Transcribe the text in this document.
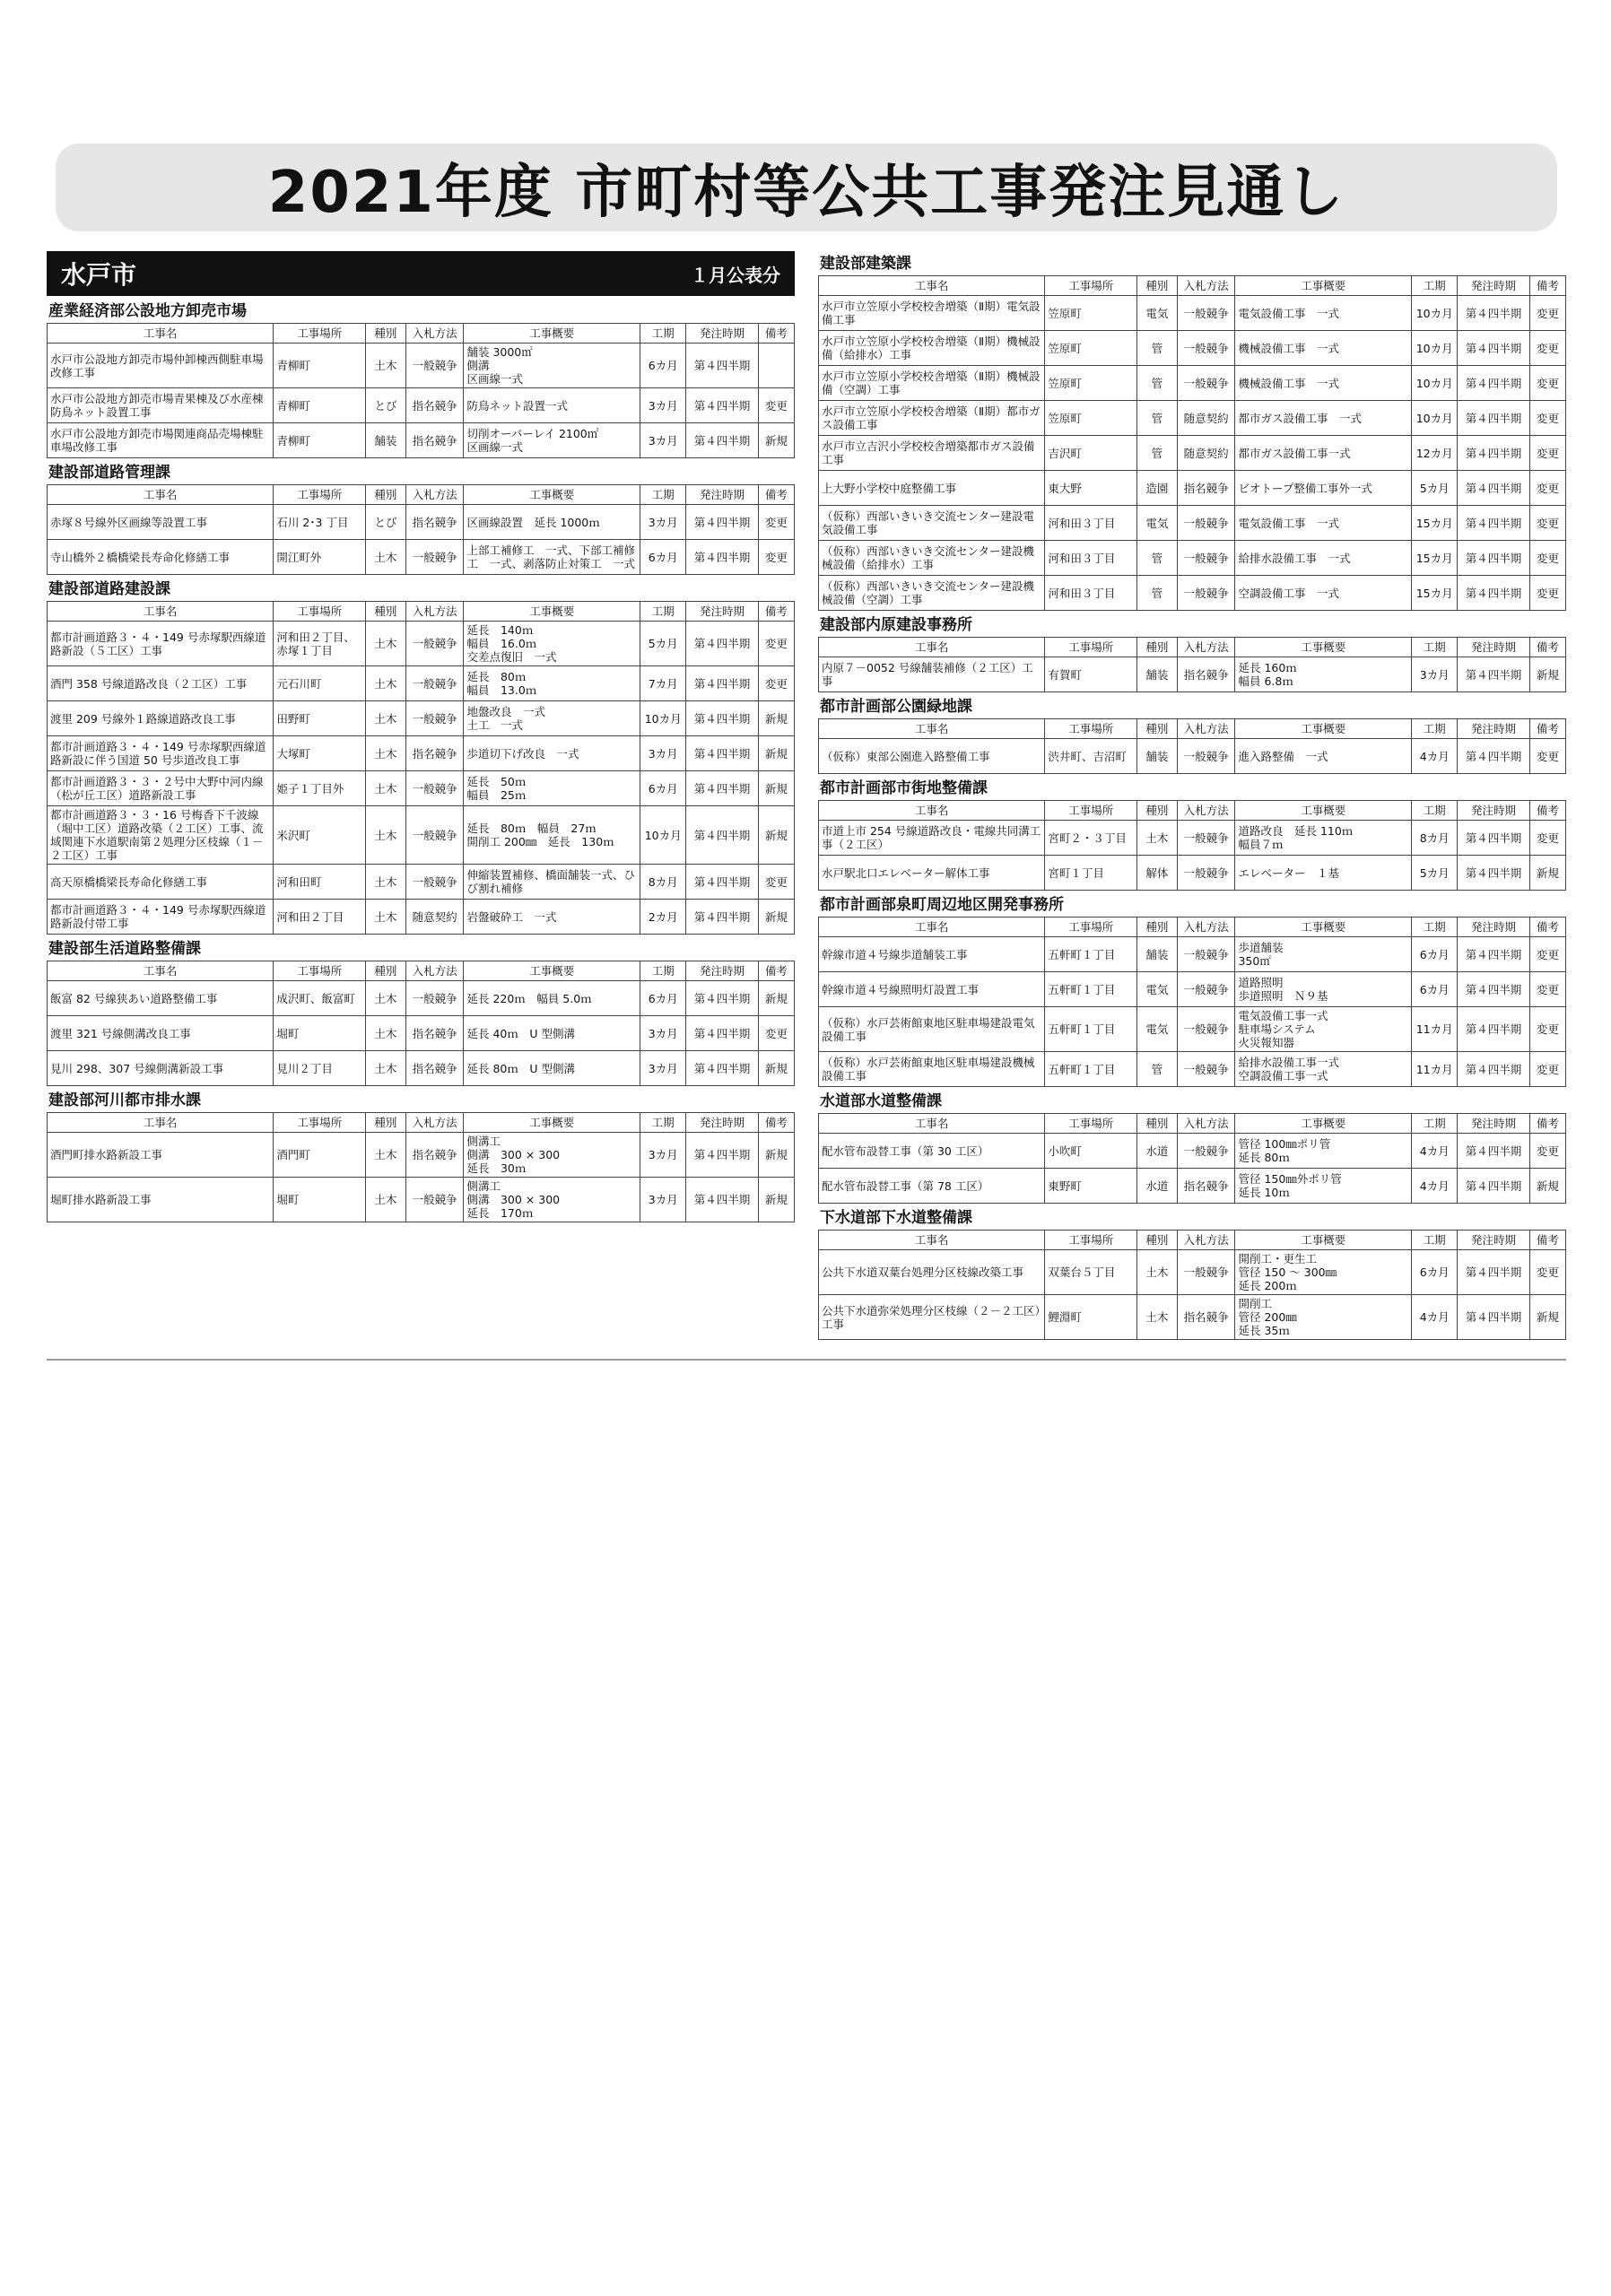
2021年度 市町村等公共工事発注見通し
水戸市	１月公表分
産業経済部公設地方卸売市場
工事名	工事場所	種別	入札方法	工事概要	工期	発注時期	備考
水戸市公設地方卸売市場仲卸棟西側駐車場改修工事	青柳町	土木	一般競争	舗装 3000㎡
側溝
区画線一式	6カ月	第４四半期	
水戸市公設地方卸売市場青果棟及び水産棟防鳥ネット設置工事	青柳町	とび	指名競争	防鳥ネット設置一式	3カ月	第４四半期	変更
水戸市公設地方卸売市場関連商品売場棟駐車場改修工事	青柳町	舗装	指名競争	切削オーバーレイ 2100㎡
区画線一式	3カ月	第４四半期	新規
建設部道路管理課
工事名	工事場所	種別	入札方法	工事概要	工期	発注時期	備考
赤塚８号線外区画線等設置工事	石川 2･3 丁目	とび	指名競争	区画線設置　延長 1000ｍ	3カ月	第４四半期	変更
寺山橋外２橋橋梁長寿命化修繕工事	開江町外	土木	一般競争	上部工補修工　一式、下部工補修工　一式、剥落防止対策工　一式	6カ月	第４四半期	変更
建設部道路建設課
工事名	工事場所	種別	入札方法	工事概要	工期	発注時期	備考
都市計画道路３・４・149 号赤塚駅西線道路新設（５工区）工事	河和田２丁目、赤塚１丁目	土木	一般競争	延長　140ｍ
幅員　16.0ｍ
交差点復旧　一式	5カ月	第４四半期	変更
酒門 358 号線道路改良（２工区）工事	元石川町	土木	一般競争	延長　80ｍ
幅員　13.0ｍ	7カ月	第４四半期	変更
渡里 209 号線外１路線道路改良工事	田野町	土木	一般競争	地盤改良　一式
土工　一式	10カ月	第４四半期	新規
都市計画道路３・４・149 号赤塚駅西線道路新設に伴う国道 50 号歩道改良工事	大塚町	土木	指名競争	歩道切下げ改良　一式	3カ月	第４四半期	新規
都市計画道路３・３・２号中大野中河内線（松が丘工区）道路新設工事	姫子１丁目外	土木	一般競争	延長　50ｍ
幅員　25ｍ	6カ月	第４四半期	新規
都市計画道路３・３・16 号梅香下千波線（堀中工区）道路改築（２工区）工事、流域関連下水道駅南第２処理分区枝線（１－２工区）工事	米沢町	土木	一般競争	延長　80ｍ　幅員　27ｍ
開削工 200㎜　延長　130ｍ	10カ月	第４四半期	新規
高天原橋橋梁長寿命化修繕工事	河和田町	土木	一般競争	伸縮装置補修、橋面舗装一式、ひび割れ補修	8カ月	第４四半期	変更
都市計画道路３・４・149 号赤塚駅西線道路新設付帯工事	河和田２丁目	土木	随意契約	岩盤破砕工　一式	2カ月	第４四半期	新規
建設部生活道路整備課
工事名	工事場所	種別	入札方法	工事概要	工期	発注時期	備考
飯富 82 号線狭あい道路整備工事	成沢町、飯富町	土木	一般競争	延長 220ｍ　幅員 5.0ｍ	6カ月	第４四半期	新規
渡里 321 号線側溝改良工事	堀町	土木	指名競争	延長 40ｍ　U 型側溝	3カ月	第４四半期	変更
見川 298、307 号線側溝新設工事	見川２丁目	土木	指名競争	延長 80ｍ　U 型側溝	3カ月	第４四半期	新規
建設部河川都市排水課
工事名	工事場所	種別	入札方法	工事概要	工期	発注時期	備考
酒門町排水路新設工事	酒門町	土木	指名競争	側溝工
側溝　300 × 300
延長　30ｍ	3カ月	第４四半期	新規
堀町排水路新設工事	堀町	土木	一般競争	側溝工
側溝　300 × 300
延長　170ｍ	3カ月	第４四半期	新規
建設部建築課
工事名	工事場所	種別	入札方法	工事概要	工期	発注時期	備考
水戸市立笠原小学校校舎増築（Ⅱ期）電気設備工事	笠原町	電気	一般競争	電気設備工事　一式	10カ月	第４四半期	変更
水戸市立笠原小学校校舎増築（Ⅱ期）機械設備（給排水）工事	笠原町	管	一般競争	機械設備工事　一式	10カ月	第４四半期	変更
水戸市立笠原小学校校舎増築（Ⅱ期）機械設備（空調）工事	笠原町	管	一般競争	機械設備工事　一式	10カ月	第４四半期	変更
水戸市立笠原小学校校舎増築（Ⅱ期）都市ガス設備工事	笠原町	管	随意契約	都市ガス設備工事　一式	10カ月	第４四半期	変更
水戸市立吉沢小学校校舎増築都市ガス設備工事	吉沢町	管	随意契約	都市ガス設備工事一式	12カ月	第４四半期	変更
上大野小学校中庭整備工事	東大野	造園	指名競争	ビオトープ整備工事外一式	5カ月	第４四半期	変更
（仮称）西部いきいき交流センター建設電気設備工事	河和田３丁目	電気	一般競争	電気設備工事　一式	15カ月	第４四半期	変更
（仮称）西部いきいき交流センター建設機械設備（給排水）工事	河和田３丁目	管	一般競争	給排水設備工事　一式	15カ月	第４四半期	変更
（仮称）西部いきいき交流センター建設機械設備（空調）工事	河和田３丁目	管	一般競争	空調設備工事　一式	15カ月	第４四半期	変更
建設部内原建設事務所
工事名	工事場所	種別	入札方法	工事概要	工期	発注時期	備考
内原７－0052 号線舗装補修（２工区）工事	有賀町	舗装	指名競争	延長 160ｍ
幅員 6.8ｍ	3カ月	第４四半期	新規
都市計画部公園緑地課
工事名	工事場所	種別	入札方法	工事概要	工期	発注時期	備考
（仮称）東部公園進入路整備工事	渋井町、吉沼町	舗装	一般競争	進入路整備　一式	4カ月	第４四半期	変更
都市計画部市街地整備課
工事名	工事場所	種別	入札方法	工事概要	工期	発注時期	備考
市道上市 254 号線道路改良・電線共同溝工事（２工区）	宮町２・３丁目	土木	一般競争	道路改良　延長 110ｍ
幅員７ｍ	8カ月	第４四半期	変更
水戸駅北口エレベーター解体工事	宮町１丁目	解体	一般競争	エレベーター　１基	5カ月	第４四半期	新規
都市計画部泉町周辺地区開発事務所
工事名	工事場所	種別	入札方法	工事概要	工期	発注時期	備考
幹線市道４号線歩道舗装工事	五軒町１丁目	舗装	一般競争	歩道舗装
350㎡	6カ月	第４四半期	変更
幹線市道４号線照明灯設置工事	五軒町１丁目	電気	一般競争	道路照明
歩道照明　Ｎ９基	6カ月	第４四半期	変更
（仮称）水戸芸術館東地区駐車場建設電気設備工事	五軒町１丁目	電気	一般競争	電気設備工事一式
駐車場システム
火災報知器	11カ月	第４四半期	変更
（仮称）水戸芸術館東地区駐車場建設機械設備工事	五軒町１丁目	管	一般競争	給排水設備工事一式
空調設備工事一式	11カ月	第４四半期	変更
水道部水道整備課
工事名	工事場所	種別	入札方法	工事概要	工期	発注時期	備考
配水管布設替工事（第 30 工区）	小吹町	水道	一般競争	管径 100㎜ポリ管
延長 80ｍ	4カ月	第４四半期	変更
配水管布設替工事（第 78 工区）	東野町	水道	指名競争	管径 150㎜外ポリ管
延長 10ｍ	4カ月	第４四半期	新規
下水道部下水道整備課
工事名	工事場所	種別	入札方法	工事概要	工期	発注時期	備考
公共下水道双葉台処理分区枝線改築工事	双葉台５丁目	土木	一般競争	開削工・更生工
管径 150 ～ 300㎜
延長 200ｍ	6カ月	第４四半期	変更
公共下水道弥栄処理分区枝線（２－２工区）工事	鯉淵町	土木	指名競争	開削工
管径 200㎜
延長 35ｍ	4カ月	第４四半期	新規
